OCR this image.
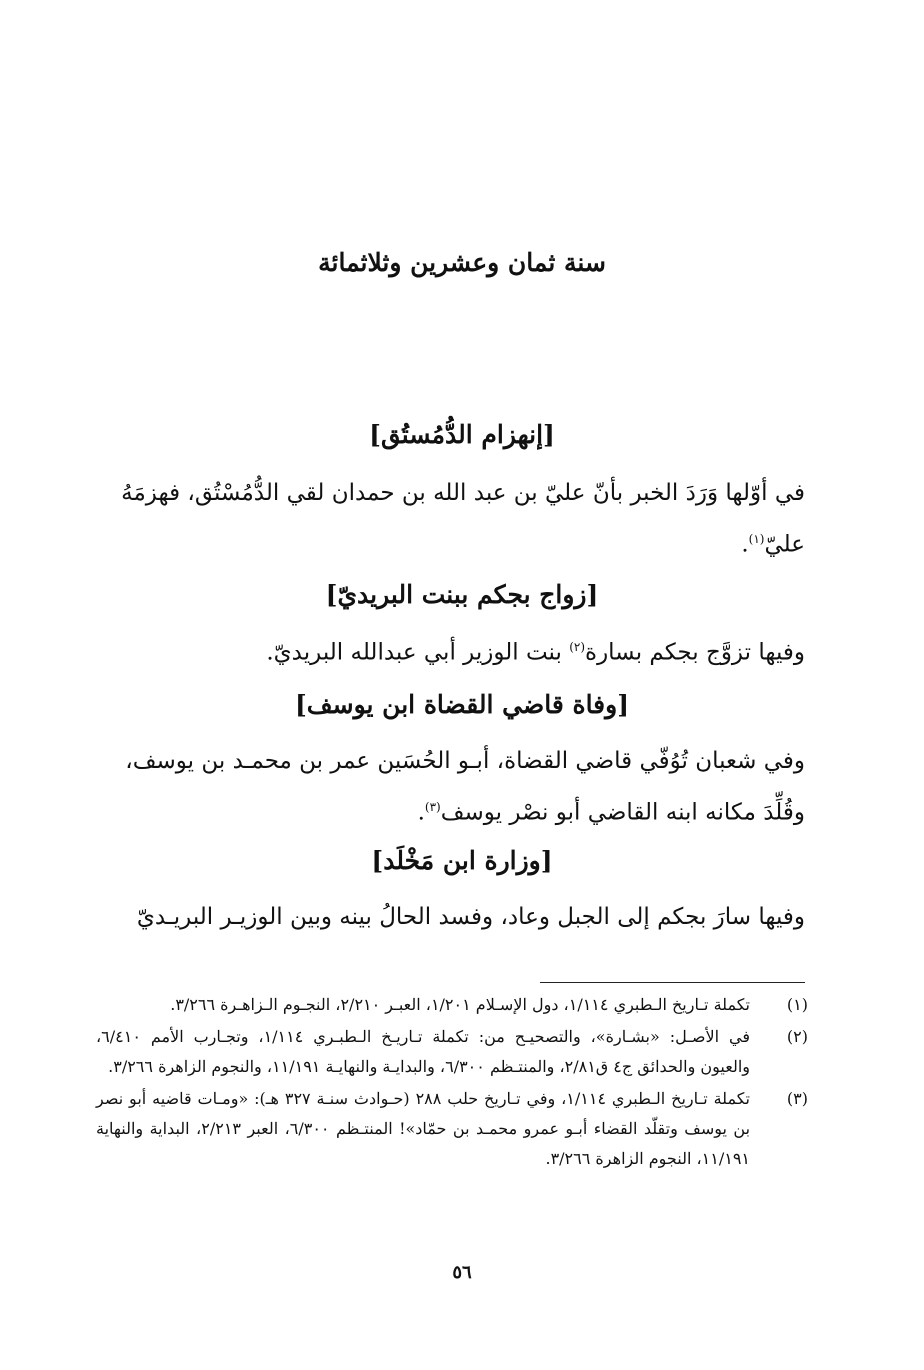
سنة ثمان وعشرين وثلاثمائة
[إنهزام الدُّمُستُق]
في أوّلها وَرَدَ الخبر بأنّ عليّ بن عبد الله بن حمدان لقي الدُّمُسْتُق، فهزمَهُ عليّ$^{(١)}$.
[زواج بجكم ببنت البريديّ]
وفيها تزوَّج بجكم بسارة$^{(٢)}$ بنت الوزير أبي عبدالله البريديّ.
[وفاة قاضي القضاة ابن يوسف]
وفي شعبان تُوُفّي قاضي القضاة، أبـو الحُسَين عمر بن محمـد بن يوسف، وقُلِّدَ مكانه ابنه القاضي أبو نصْر يوسف$^{(٣)}$.
[وزارة ابن مَخْلَد]
وفيها سارَ بجكم إلى الجبل وعاد، وفسد الحالُ بينه وبين الوزيـر البريـديّ
(١)
تكملة تـاريخ الـطبري ١/١١٤، دول الإسـلام ١/٢٠١، العبـر ٢/٢١٠، النجـوم الـزاهـرة ٣/٢٦٦.
(٢)
في الأصـل: «بشـارة»، والتصحيـح من: تكملة تـاريـخ الـطبـري ١/١١٤، وتجـارب الأمم ٦/٤١٠، والعيون والحدائق ج٤ ق٢/٨١، والمنتـظم ٦/٣٠٠، والبدايـة والنهايـة ١١/١٩١، والنجوم الزاهرة ٣/٢٦٦.
(٣)
تكملة تـاريخ الـطبري ١/١١٤، وفي تـاريخ حلب ٢٨٨ (حـوادث سنـة ٣٢٧ هـ): «ومـات قاضيه أبو نصر بن يوسف وتقلّد القضاء أبـو عمرو محمـد بن حمّاد»! المنتـظم ٦/٣٠٠، العبر ٢/٢١٣، البداية والنهاية ١١/١٩١، النجوم الزاهرة ٣/٢٦٦.
٥٦
